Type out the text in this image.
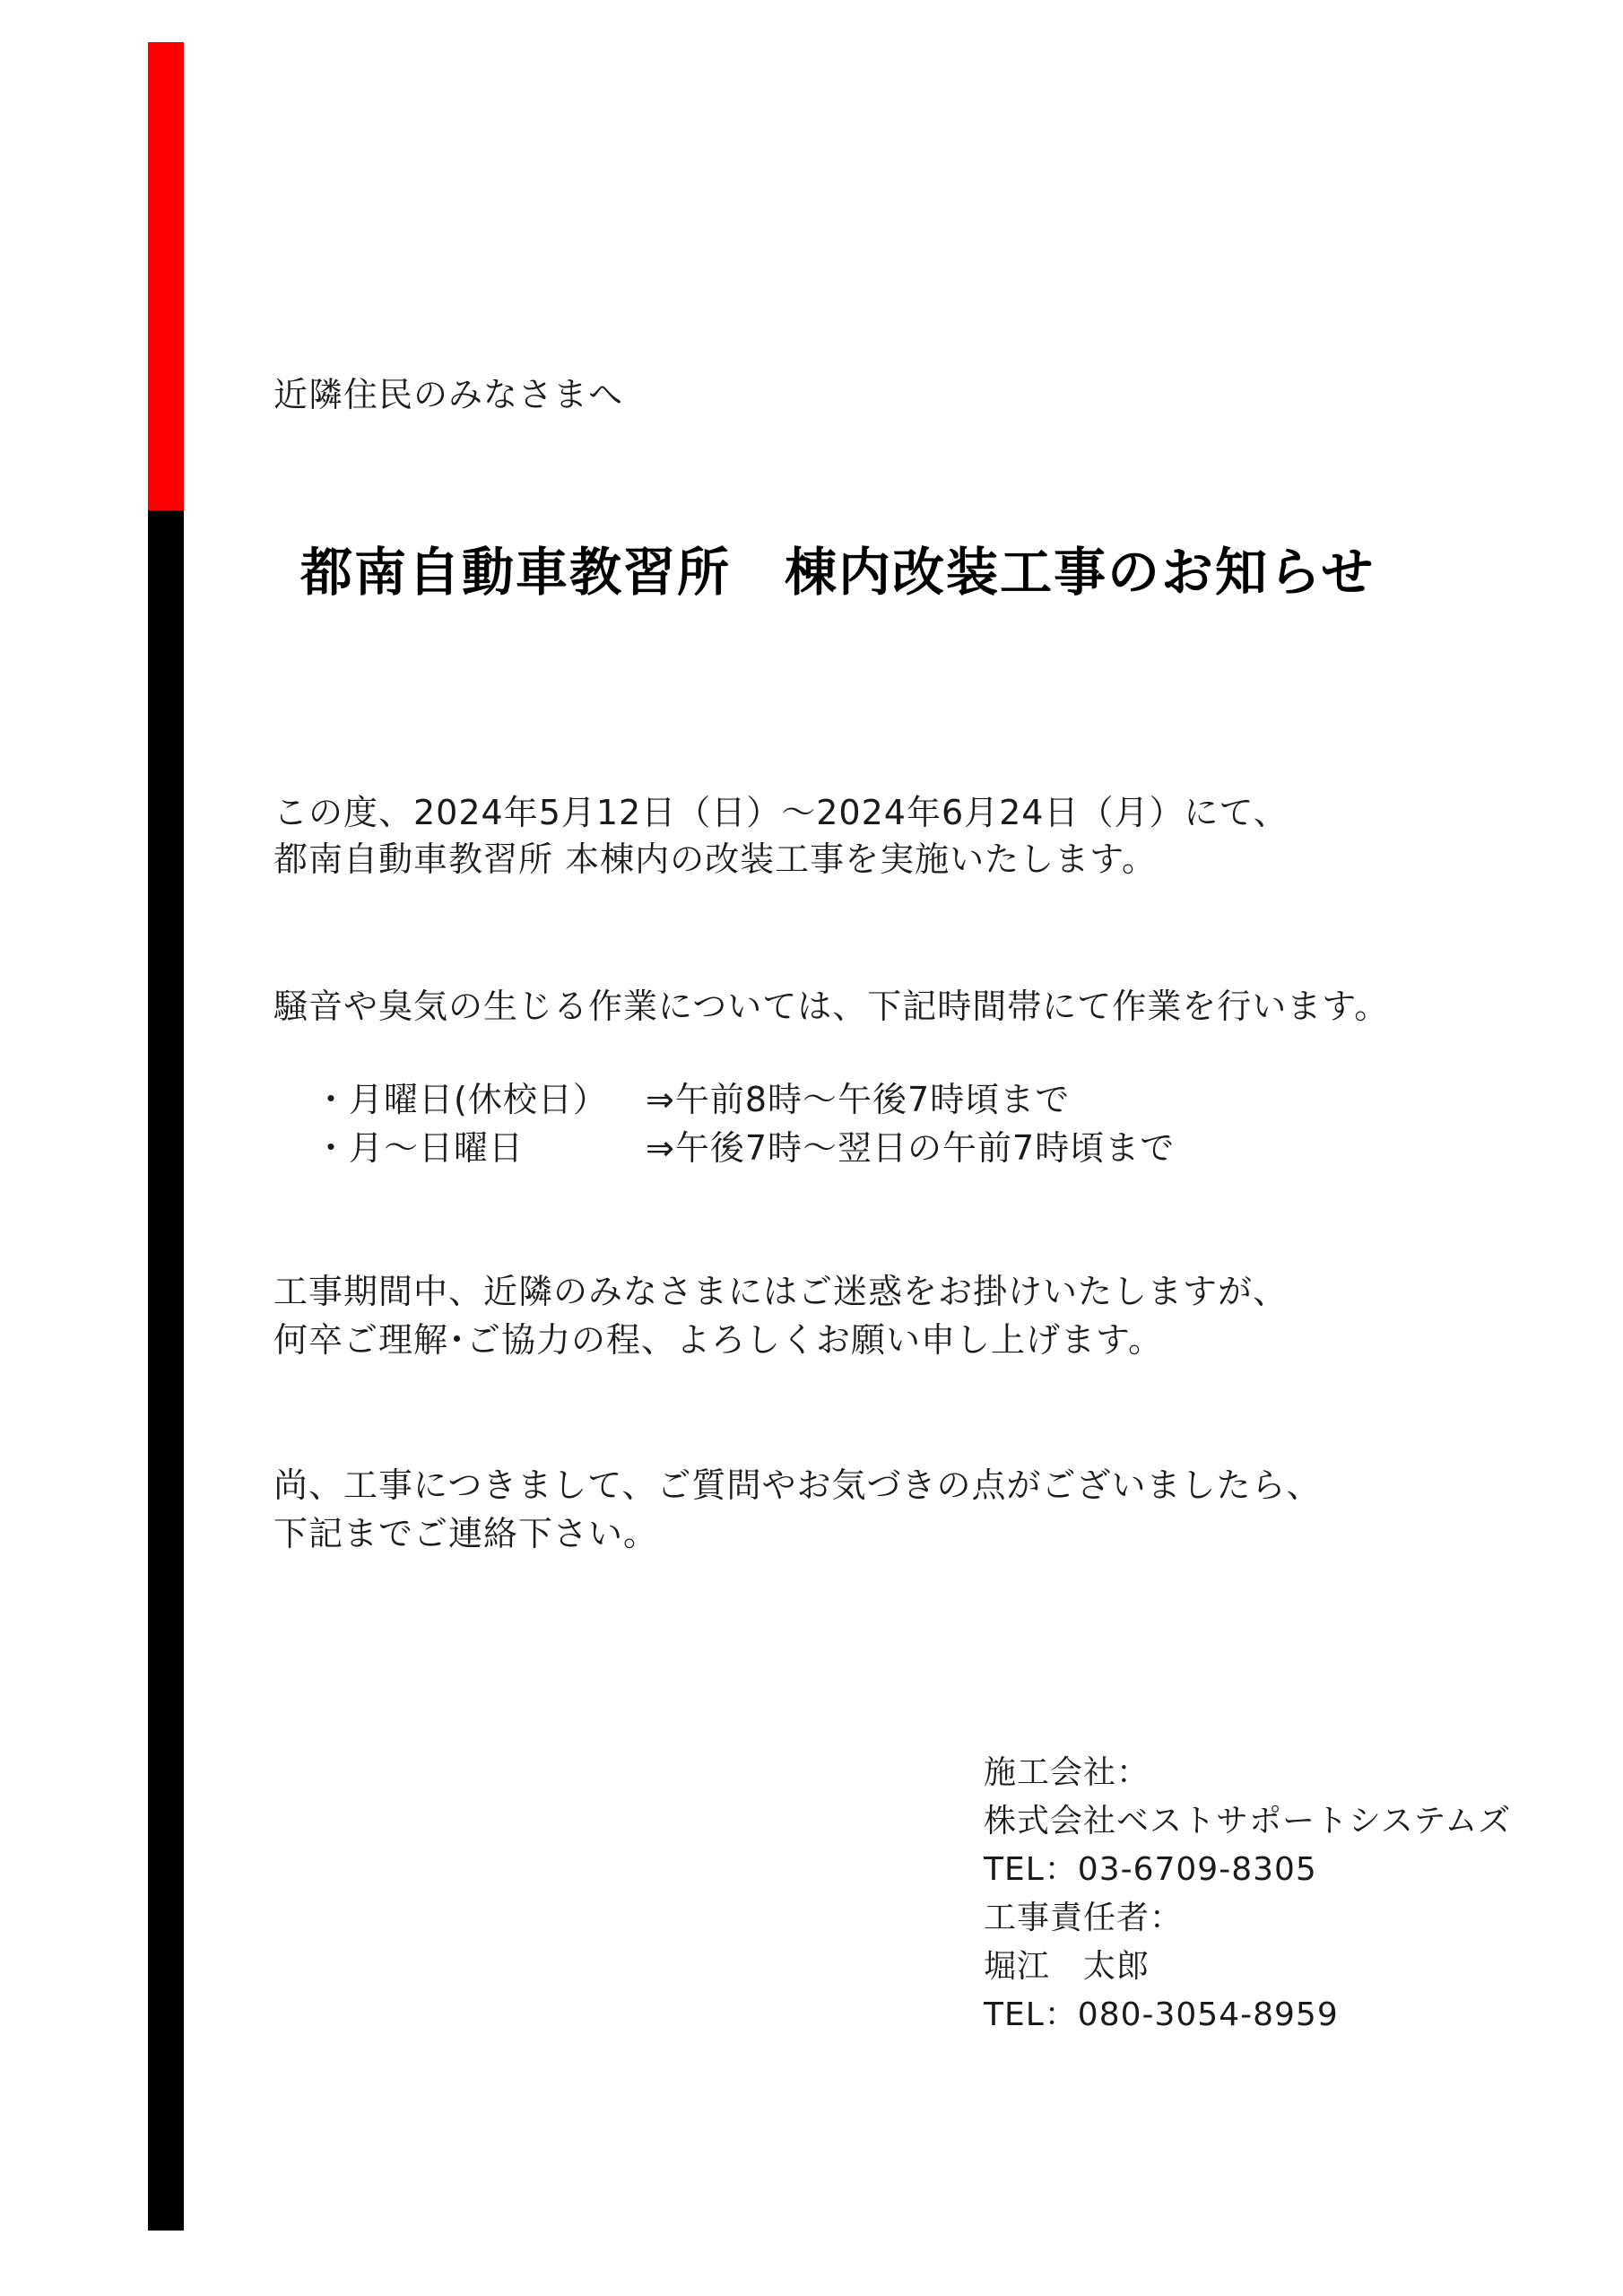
近隣住民のみなさまへ
都南自動車教習所　棟内改装工事のお知らせ
この度、2024年5月12日（日）～2024年6月24日（月）にて、
都南自動車教習所 本棟内の改装工事を実施いたします。
騒音や臭気の生じる作業については、下記時間帯にて作業を行います。
・月曜日(休校日） ⇒午前8時～午後7時頃まで
・月～日曜日	⇒午後7時～翌日の午前7時頃まで
工事期間中、近隣のみなさまにはご迷惑をお掛けいたしますが、
何卒ご理解･ご協力の程、よろしくお願い申し上げます。
尚、工事につきまして、ご質問やお気づきの点がございましたら、
下記までご連絡下さい。
施工会社：
株式会社ベストサポートシステムズ
TEL：03-6709-8305
工事責任者：
堀江　太郎
TEL：080-3054-8959
